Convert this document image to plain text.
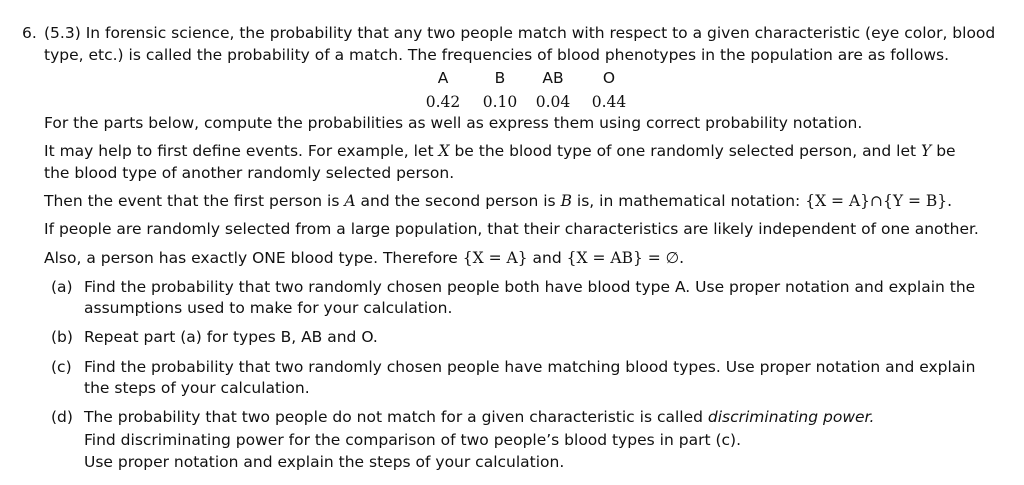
6. (5.3) In forensic science, the probability that any two people match with respect to a given characteristic (eye color, blood
type, etc.) is called the probability of a match. The frequencies of blood phenotypes in the population are as follows.
A	B	AB	O
0.42	0.10	0.04	0.44
For the parts below, compute the probabilities as well as express them using correct probability notation.
It may help to first define events. For example, let X be the blood type of one randomly selected person, and let Y be
the blood type of another randomly selected person.
Then the event that the first person is A and the second person is B is, in mathematical notation: {X = A}∩{Y = B}.
If people are randomly selected from a large population, that their characteristics are likely independent of one another.
Also, a person has exactly ONE blood type. Therefore {X = A} and {X = AB} = ∅.
(a) Find the probability that two randomly chosen people both have blood type A. Use proper notation and explain the
assumptions used to make for your calculation.
(b) Repeat part (a) for types B, AB and O.
(c) Find the probability that two randomly chosen people have matching blood types. Use proper notation and explain
the steps of your calculation.
(d) The probability that two people do not match for a given characteristic is called discriminating power.
Find discriminating power for the comparison of two people’s blood types in part (c).
Use proper notation and explain the steps of your calculation.
